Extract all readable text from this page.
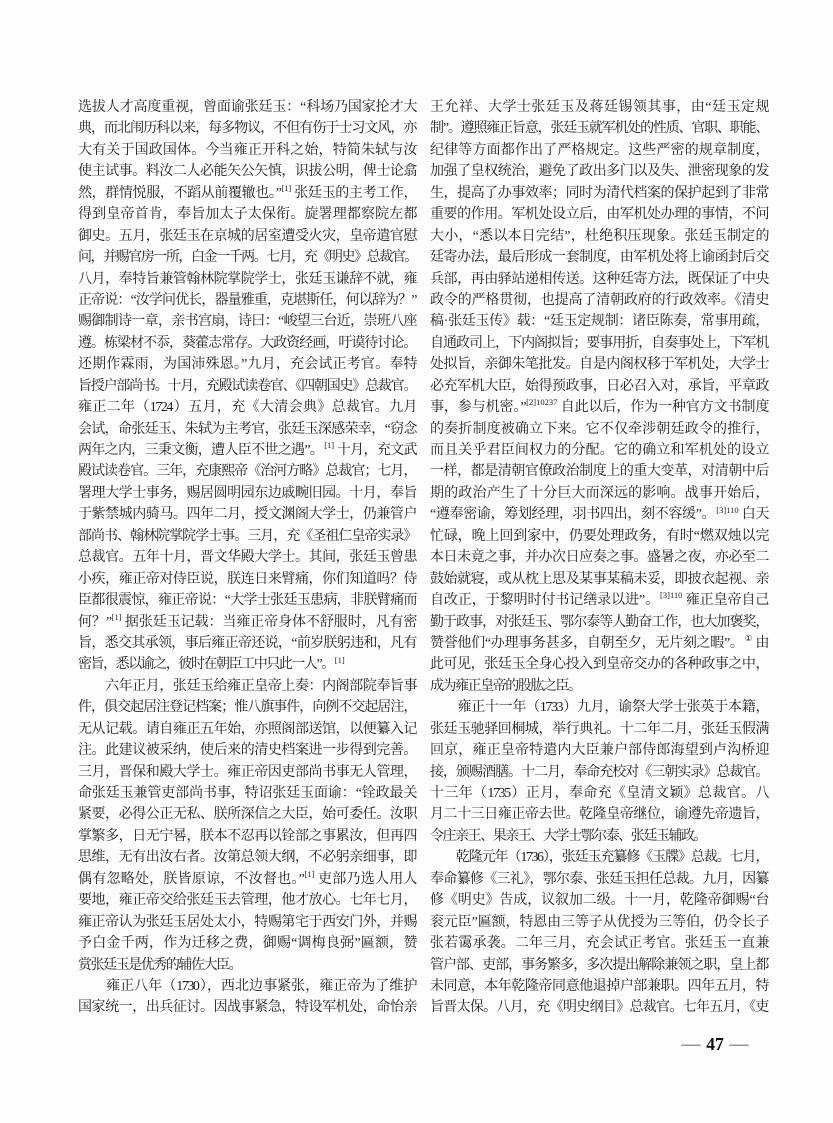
选拔人才高度重视，曾面谕张廷玉：“科场乃国家抡才大
典，而北闱历科以来，每多物议，不但有伤于士习文风，亦
大有关于国政国体。今当雍正开科之始，特简朱轼与汝
使主试事。料汝二人必能矢公矢慎，识拔公明，俾士论翕
然，群情悦服，不蹈从前覆辙也。”[1] 张廷玉的主考工作，
得到皇帝首肯，奉旨加太子太保衔。旋署理都察院左都
御史。五月，张廷玉在京城的居室遭受火灾，皇帝遣官慰
问，并赐官房一所，白金一千两。七月，充《明史》总裁官。
八月，奉特旨兼管翰林院掌院学士，张廷玉谦辞不就，雍
正帝说：“汝学问优长，器量雅重，克堪斯任，何以辞为？”
赐御制诗一章，亲书宫扇，诗曰：“峻望三台近，崇班八座
遵。栋梁材不忝，葵藿志常存。大政资经画，吁谟待讨论。
还期作霖雨，为国沛殊恩。”九月，充会试正考官。奉特
旨授户部尚书。十月，充殿试读卷官、《四朝国史》总裁官。
雍正二年（1724）五月，充《大清会典》总裁官。九月
会试，命张廷玉、朱轼为主考官，张廷玉深感荣幸，“窃念
两年之内，三秉文衡，遭人臣不世之遇”。[1] 十月，充文武
殿试读卷官。三年，充康熙帝《治河方略》总裁官；七月，
署理大学士事务，赐居圆明园东边戚畹旧园。十月，奉旨
于紫禁城内骑马。四年二月，授文渊阁大学士，仍兼管户
部尚书、翰林院掌院学士事。三月，充《圣祖仁皇帝实录》
总裁官。五年十月，晋文华殿大学士。其间，张廷玉曾患
小疾，雍正帝对侍臣说，朕连日来臂痛，你们知道吗？侍
臣都很震惊，雍正帝说：“大学士张廷玉患病，非朕臂痛而
何？”[1] 据张廷玉记载：当雍正帝身体不舒服时，凡有密
旨，悉交其承领，事后雍正帝还说，“前岁朕躬违和，凡有
密旨，悉以谕之，彼时在朝臣工中只此一人”。[1]
　　六年正月，张廷玉给雍正皇帝上奏：内阁部院奉旨事
件，俱交起居注登记档案；惟八旗事件，向例不交起居注，
无从记载。请自雍正五年始，亦照阁部送馆，以便纂入记
注。此建议被采纳，使后来的清史档案进一步得到完善。
三月，晋保和殿大学士。雍正帝因吏部尚书事无人管理，
命张廷玉兼管吏部尚书事，特诏张廷玉面谕：“铨政最关
紧要，必得公正无私、朕所深信之大臣，始可委任。汝职
掌繁多，日无宁晷，朕本不忍再以铨部之事累汝，但再四
思维，无有出汝右者。汝第总领大纲，不必躬亲细事，即
偶有忽略处，朕皆原谅，不汝督也。”[1] 吏部乃选人用人
要地，雍正帝交给张廷玉去管理，他才放心。七年七月，
雍正帝认为张廷玉居处太小，特赐第宅于西安门外，并赐
予白金千两，作为迁移之费，御赐“调梅良弼”匾额，赞
赏张廷玉是优秀的辅佐大臣。
　　雍正八年（1730），西北边事紧张，雍正帝为了维护
国家统一，出兵征讨。因战事紧急，特设军机处，命怡亲
王允祥、大学士张廷玉及蒋廷锡领其事，由“廷玉定规
制”。遵照雍正旨意，张廷玉就军机处的性质、官职、职能、
纪律等方面都作出了严格规定。这些严密的规章制度，
加强了皇权统治，避免了政出多门以及失、泄密现象的发
生，提高了办事效率；同时为清代档案的保护起到了非常
重要的作用。军机处设立后，由军机处办理的事情，不问
大小，“悉以本日完结”，杜绝积压现象。张廷玉制定的
廷寄办法，最后形成一套制度，由军机处将上谕函封后交
兵部，再由驿站递相传送。这种廷寄方法，既保证了中央
政令的严格贯彻，也提高了清朝政府的行政效率。《清史
稿·张廷玉传》载：“廷玉定规制：诸臣陈奏，常事用疏，
自通政司上，下内阁拟旨；要事用折，自奏事处上，下军机
处拟旨，亲御朱笔批发。自是内阁权移于军机处，大学士
必充军机大臣，始得预政事，日必召入对，承旨，平章政
事，参与机密。”$^{[2]10237}$ 自此以后，作为一种官方文书制度
的奏折制度被确立下来。它不仅牵涉朝廷政令的推行，
而且关乎君臣间权力的分配。它的确立和军机处的设立
一样，都是清朝官僚政治制度上的重大变革，对清朝中后
期的政治产生了十分巨大而深远的影响。战事开始后，
“遵奉密谕，筹划经理，羽书四出，刻不容缓”。$^{[3]110}$ 白天
忙碌，晚上回到家中，仍要处理政务，有时“燃双烛以完
本日未竟之事，并办次日应奏之事。盛暑之夜，亦必至二
鼓始就寝，或从枕上思及某事某稿未妥，即披衣起视、亲
自改正，于黎明时付书记缮录以进”。$^{[3]110}$ 雍正皇帝自己
勤于政事，对张廷玉、鄂尔泰等人勤奋工作，也大加褒奖，
赞誉他们“办理事务甚多，自朝至夕，无片刻之暇”。① 由
此可见，张廷玉全身心投入到皇帝交办的各种政事之中，
成为雍正皇帝的股肱之臣。
　　雍正十一年（1733）九月，谕祭大学士张英于本籍，
张廷玉驰驿回桐城，举行典礼。十二年二月，张廷玉假满
回京，雍正皇帝特遣内大臣兼户部侍郎海望到卢沟桥迎
接，颁赐酒膳。十二月，奉命充校对《三朝实录》总裁官。
十三年（1735）正月，奉命充《皇清文颖》总裁官。八
月二十三日雍正帝去世。乾隆皇帝继位，谕遵先帝遗旨，
令庄亲王、果亲王、大学士鄂尔泰、张廷玉辅政。
　　乾隆元年（1736），张廷玉充纂修《玉牒》总裁。七月，
奉命纂修《三礼》，鄂尔泰、张廷玉担任总裁。九月，因纂
修《明史》告成，议叙加二级。十一月，乾隆帝御赐“台
衮元臣”匾额，特恩由三等子从优授为三等伯，仍令长子
张若霭承袭。二年三月，充会试正考官。张廷玉一直兼
管户部、吏部，事务繁多，多次提出解除兼领之职，皇上都
未同意，本年乾隆帝同意他退掉户部兼职。四年五月，特
旨晋太保。八月，充《明史纲目》总裁官。七年五月，《吏
— 47 —
